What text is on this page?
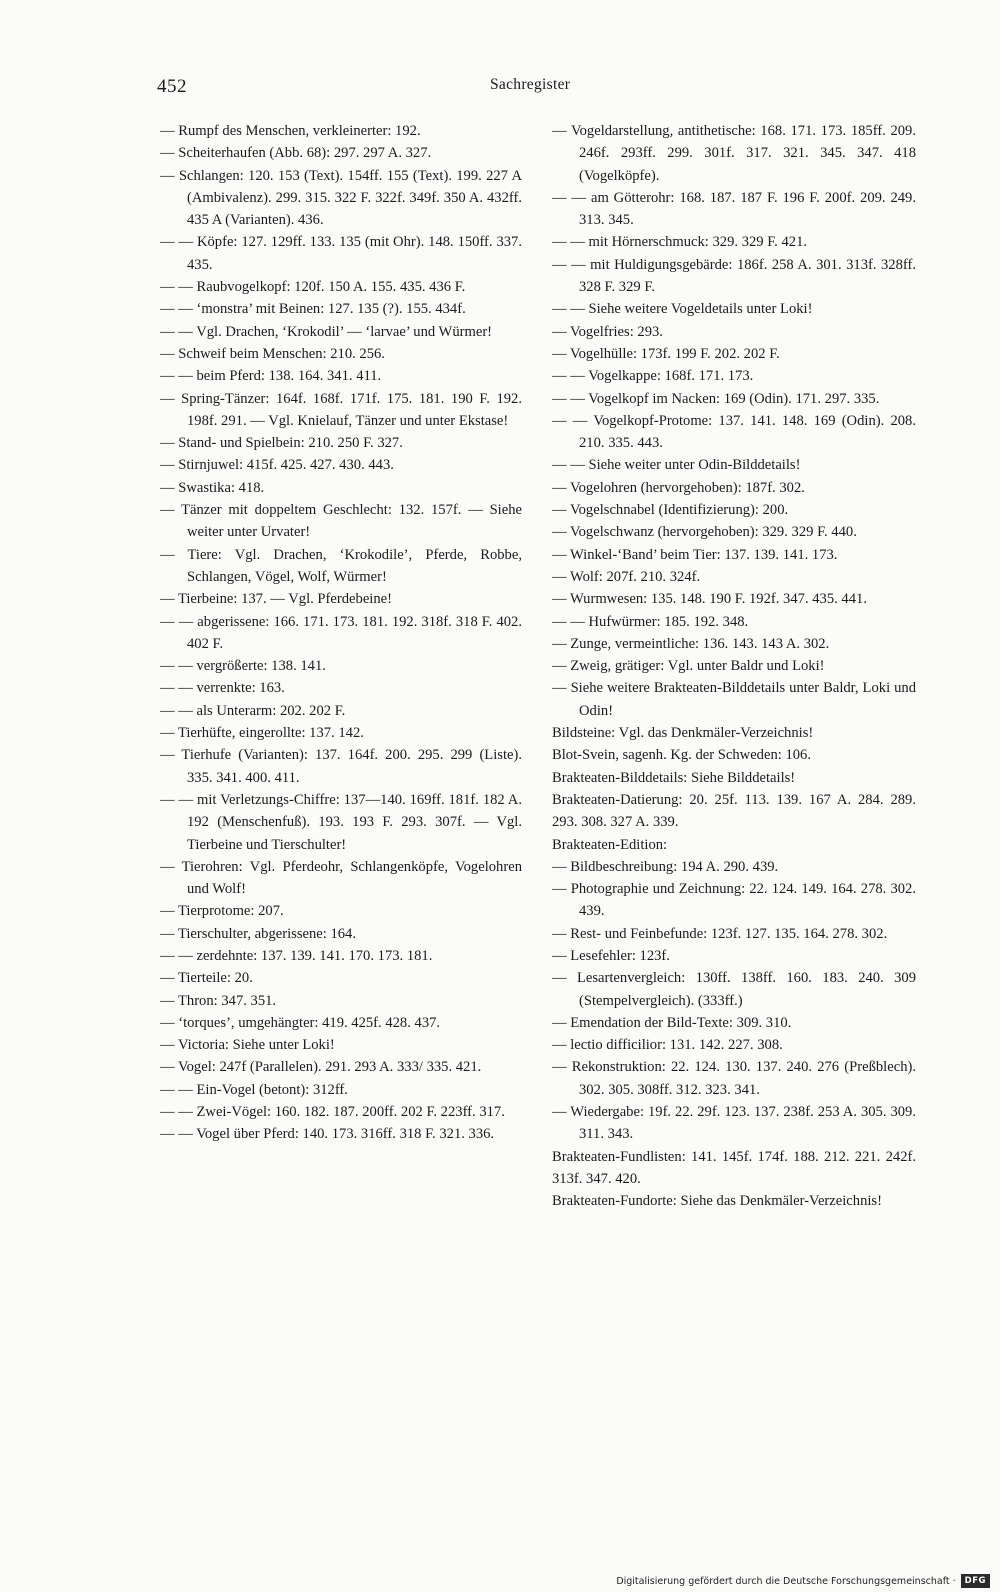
452	Sachregister

— Rumpf des Menschen, verkleinerter: 192.

— Scheiterhaufen (Abb. 68): 297. 297 A. 327.

— Schlangen: 120. 153 (Text). 154ff. 155 (Text). 199. 227 A (Ambivalenz). 299. 315. 322 F. 322f. 349f. 350 A. 432ff. 435 A (Varianten). 436.

— — Köpfe: 127. 129ff. 133. 135 (mit Ohr). 148. 150ff. 337. 435.

— — Raubvogelkopf: 120f. 150 A. 155. 435. 436 F.

— — ‘monstra’ mit Beinen: 127. 135 (?). 155. 434f.

— — Vgl. Drachen, ‘Krokodil’ — ‘larvae’ und Würmer!

— Schweif beim Menschen: 210. 256.

— — beim Pferd: 138. 164. 341. 411.

— Spring-Tänzer: 164f. 168f. 171f. 175. 181. 190 F. 192. 198f. 291. — Vgl. Knielauf, Tänzer und unter Ekstase!

— Stand- und Spielbein: 210. 250 F. 327.

— Stirnjuwel: 415f. 425. 427. 430. 443.

— Swastika: 418.

— Tänzer mit doppeltem Geschlecht: 132. 157f. — Siehe weiter unter Urvater!

— Tiere: Vgl. Drachen, ‘Krokodile’, Pferde, Robbe, Schlangen, Vögel, Wolf, Würmer!

— Tierbeine: 137. — Vgl. Pferdebeine!

— — abgerissene: 166. 171. 173. 181. 192. 318f. 318 F. 402. 402 F.

— — vergrößerte: 138. 141.

— — verrenkte: 163.

— — als Unterarm: 202. 202 F.

— Tierhüfte, eingerollte: 137. 142.

— Tierhufe (Varianten): 137. 164f. 200. 295. 299 (Liste). 335. 341. 400. 411.

— — mit Verletzungs-Chiffre: 137—140. 169ff. 181f. 182 A. 192 (Menschenfuß). 193. 193 F. 293. 307f. — Vgl. Tierbeine und Tierschulter!

— Tierohren: Vgl. Pferdeohr, Schlangenköpfe, Vogelohren und Wolf!

— Tierprotome: 207.

— Tierschulter, abgerissene: 164.

— — zerdehnte: 137. 139. 141. 170. 173. 181.

— Tierteile: 20.

— Thron: 347. 351.

— ‘torques’, umgehängter: 419. 425f. 428. 437.

— Victoria: Siehe unter Loki!

— Vogel: 247f (Parallelen). 291. 293 A. 333/ 335. 421.

— — Ein-Vogel (betont): 312ff.

— — Zwei-Vögel: 160. 182. 187. 200ff. 202 F. 223ff. 317.

— — Vogel über Pferd: 140. 173. 316ff. 318 F. 321. 336.

— Vogeldarstellung, antithetische: 168. 171. 173. 185ff. 209. 246f. 293ff. 299. 301f. 317. 321. 345. 347. 418 (Vogelköpfe).

— — am Götterohr: 168. 187. 187 F. 196 F. 200f. 209. 249. 313. 345.

— — mit Hörnerschmuck: 329. 329 F. 421.

— — mit Huldigungsgebärde: 186f. 258 A. 301. 313f. 328ff. 328 F. 329 F.

— — Siehe weitere Vogeldetails unter Loki!

— Vogelfries: 293.

— Vogelhülle: 173f. 199 F. 202. 202 F.

— — Vogelkappe: 168f. 171. 173.

— — Vogelkopf im Nacken: 169 (Odin). 171. 297. 335.

— — Vogelkopf-Protome: 137. 141. 148. 169 (Odin). 208. 210. 335. 443.

— — Siehe weiter unter Odin-Bilddetails!

— Vogelohren (hervorgehoben): 187f. 302.

— Vogelschnabel (Identifizierung): 200.

— Vogelschwanz (hervorgehoben): 329. 329 F. 440.

— Winkel-‘Band’ beim Tier: 137. 139. 141. 173.

— Wolf: 207f. 210. 324f.

— Wurmwesen: 135. 148. 190 F. 192f. 347. 435. 441.

— — Hufwürmer: 185. 192. 348.

— Zunge, vermeintliche: 136. 143. 143 A. 302.

— Zweig, grätiger: Vgl. unter Baldr und Loki!

— Siehe weitere Brakteaten-Bilddetails unter Baldr, Loki und Odin!

Bildsteine: Vgl. das Denkmäler-Verzeichnis!

Blot-Svein, sagenh. Kg. der Schweden: 106.

Brakteaten-Bilddetails: Siehe Bilddetails!

Brakteaten-Datierung: 20. 25f. 113. 139. 167 A. 284. 289. 293. 308. 327 A. 339.

Brakteaten-Edition:

— Bildbeschreibung: 194 A. 290. 439.

— Photographie und Zeichnung: 22. 124. 149. 164. 278. 302. 439.

— Rest- und Feinbefunde: 123f. 127. 135. 164. 278. 302.

— Lesefehler: 123f.

— Lesartenvergleich: 130ff. 138ff. 160. 183. 240. 309 (Stempelvergleich). (333ff.)

— Emendation der Bild-Texte: 309. 310.

— lectio difficilior: 131. 142. 227. 308.

— Rekonstruktion: 22. 124. 130. 137. 240. 276 (Preßblech). 302. 305. 308ff. 312. 323. 341.

— Wiedergabe: 19f. 22. 29f. 123. 137. 238f. 253 A. 305. 309. 311. 343.

Brakteaten-Fundlisten: 141. 145f. 174f. 188. 212. 221. 242f. 313f. 347. 420.

Brakteaten-Fundorte: Siehe das Denkmäler-Verzeichnis!

Digitalisierung gefördert durch die Deutsche Forschungsgemeinschaft ·	DFG
